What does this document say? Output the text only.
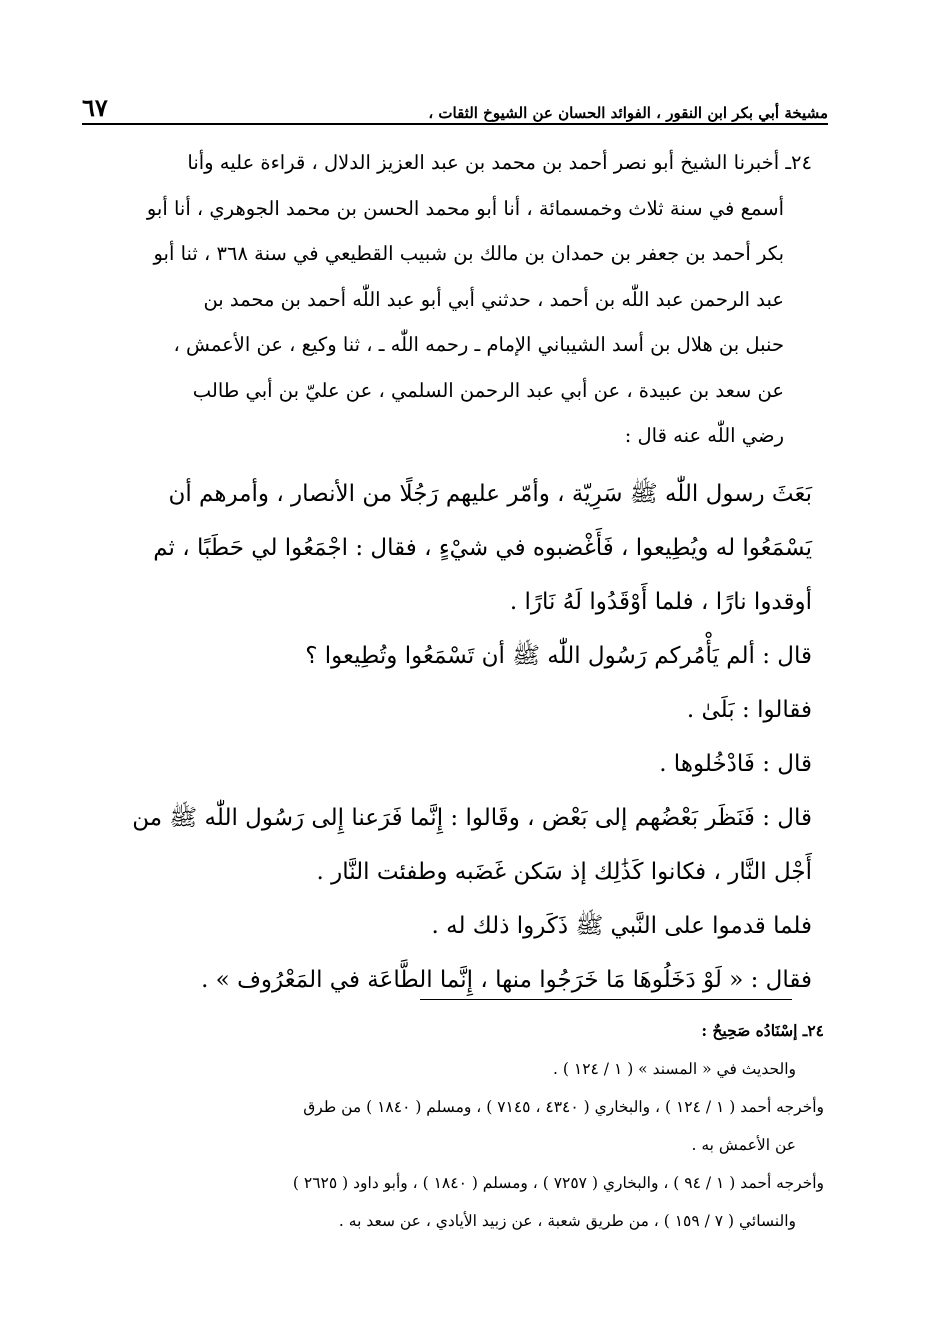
مشيخة أبي بكر ابن النقور ، الفوائد الحسان عن الشيوخ الثقات ،
٦٧

٢٤ـ أخبرنا الشيخ أبو نصر أحمد بن محمد بن عبد العزيز الدلال ، قراءة عليه وأنا

أسمع في سنة ثلاث وخمسمائة ، أنا أبو محمد الحسن بن محمد الجوهري ، أنا أبو

بكر أحمد بن جعفر بن حمدان بن مالك بن شبيب القطيعي في سنة ٣٦٨ ، ثنا أبو

عبد الرحمن عبد اللّٰه بن أحمد ، حدثني أبي أبو عبد اللّٰه أحمد بن محمد بن

حنبل بن هلال بن أسد الشيباني الإمام ـ رحمه اللّٰه ـ ، ثنا وكيع ، عن الأعمش ،

عن سعد بن عبيدة ، عن أبي عبد الرحمن السلمي ، عن عليّ بن أبي طالب

رضي اللّٰه عنه قال :

بَعَثَ رسول اللّٰه ﷺ سَرِيّة ، وأمّر عليهم رَجُلًا من الأنصار ، وأمرهم أن

يَسْمَعُوا له ويُطِيعوا ، فَأَغْضبوه في شيْءٍ ، فقال : اجْمَعُوا لي حَطَبًا ، ثم

أوقدوا نارًا ، فلما أَوْقَدُوا لَهُ نَارًا .

قال : ألم يَأْمُركم رَسُول اللّٰه ﷺ أن تَسْمَعُوا وتُطِيعوا ؟

فقالوا : بَلَىٰ .

قال : فَادْخُلوها .

قال : فَنَظَر بَعْضُهم إلى بَعْض ، وقَالوا : إِنَّما فَرَعنا إِلى رَسُول اللّٰه ﷺ من

أَجْل النَّار ، فكانوا كَذَٰلِك إذ سَكن غَضَبه وطفئت النَّار .

فلما قدموا على النَّبي ﷺ ذَكَروا ذلك له .

فقال : « لَوْ دَخَلُوهَا مَا خَرَجُوا منها ، إِنَّما الطَّاعَة في المَعْرُوف » .

٢٤ـ إسْنَادُه صَحِيحٌ :

والحديث في « المسند » ( ١ / ١٢٤ ) .

وأخرجه أحمد ( ١ / ١٢٤ ) ، والبخاري ( ٤٣٤٠ ، ٧١٤٥ ) ، ومسلم ( ١٨٤٠ ) من طرق

عن الأعمش به .

وأخرجه أحمد ( ١ / ٩٤ ) ، والبخاري ( ٧٢٥٧ ) ، ومسلم ( ١٨٤٠ ) ، وأبو داود ( ٢٦٢٥ )

والنسائي ( ٧ / ١٥٩ ) ، من طريق شعبة ، عن زبيد الأيادي ، عن سعد به .
